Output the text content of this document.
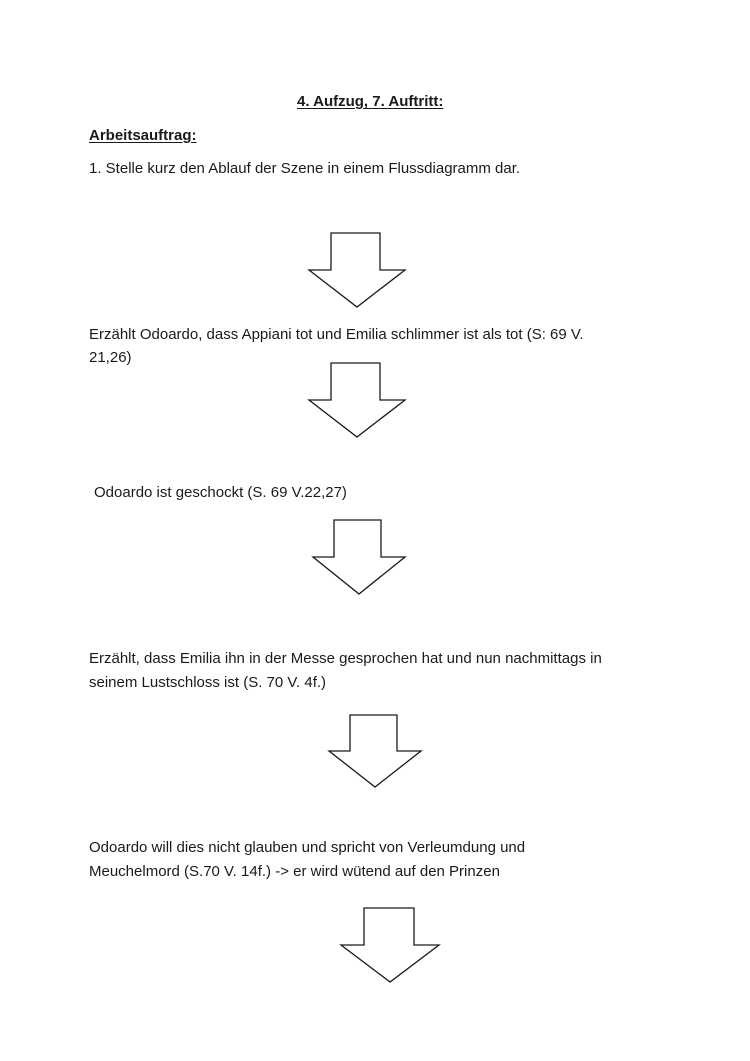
4. Aufzug, 7. Auftritt:
Arbeitsauftrag:
1. Stelle kurz den Ablauf der Szene in einem Flussdiagramm dar.
Erzählt Odoardo, dass Appiani tot und Emilia schlimmer ist als tot (S: 69 V.
21,26)
Odoardo ist geschockt (S. 69 V.22,27)
Erzählt, dass Emilia ihn in der Messe gesprochen hat und nun nachmittags in
seinem Lustschloss ist (S. 70 V. 4f.)
Odoardo will dies nicht glauben und spricht von Verleumdung und
Meuchelmord (S.70 V. 14f.) -> er wird wütend auf den Prinzen
